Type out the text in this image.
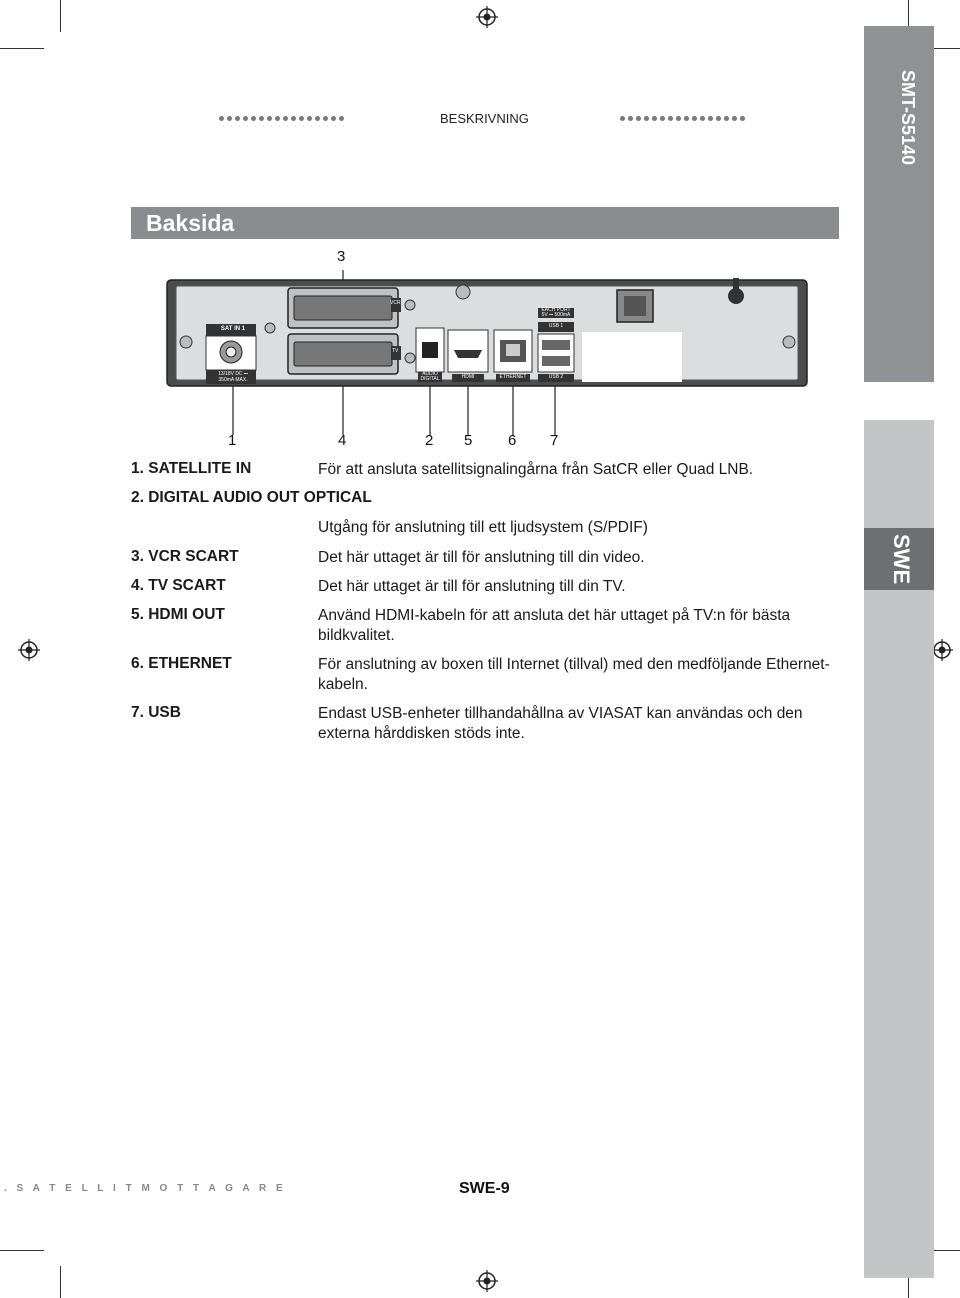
SMT-S5140
SWE
BESKRIVNING
Baksida
3
SAT IN 1
13/18V DC ⎓
350mA MAX.
VCR
TV
AUDIO DIGITAL	HDMI	ETHERNET
EACH PORT
5V ⎓ 500mA
USB 1
USB 2
1	4	2 5 6 7
1. SATELLITE IN	För att ansluta satellitsignalingårna från SatCR eller Quad LNB.
2. DIGITAL AUDIO OUT OPTICAL
Utgång för anslutning till ett ljudsystem (S/PDIF)
3. VCR SCART	Det här uttaget är till för anslutning till din video.
4. TV SCART	Det här uttaget är till för anslutning till din TV.
5. HDMI OUT	Använd HDMI-kabeln för att ansluta det här uttaget på TV:n för bästa bildkvalitet.
6. ETHERNET	För anslutning av boxen till Internet (tillval) med den medföljande Ethernet-kabeln.
7. USB	Endast USB-enheter tillhandahållna av VIASAT kan användas och den externa hårddisken stöds inte.
. S A T E L L I T M O T T A G A R E	SWE-9
